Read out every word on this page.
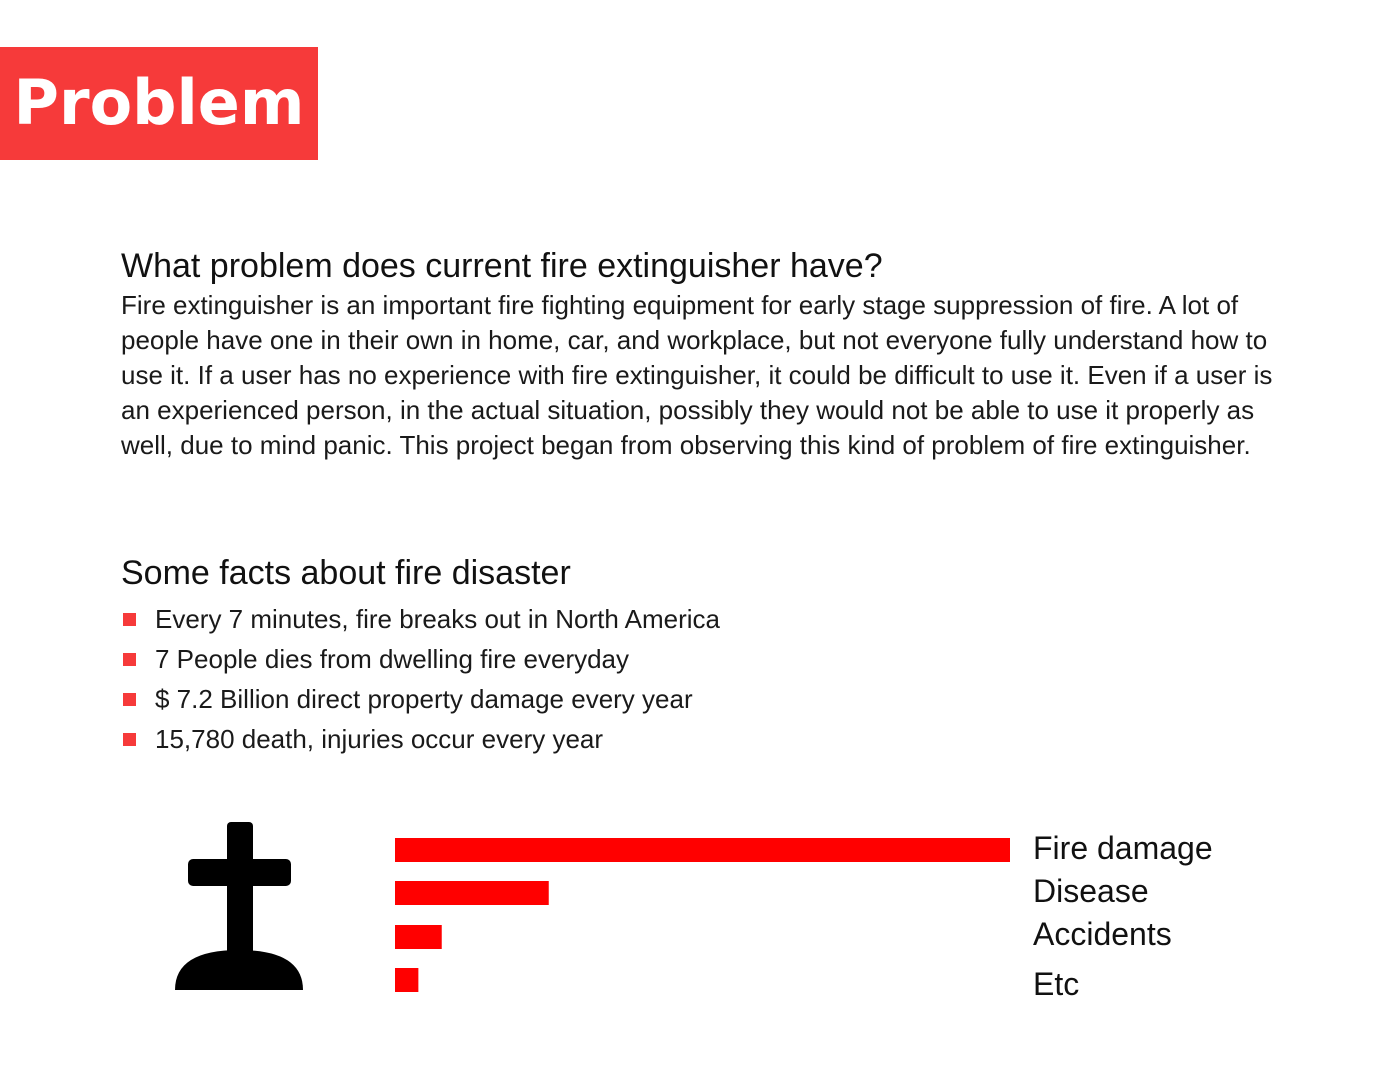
Problem
What problem does current fire extinguisher have?

Fire extinguisher is an important fire fighting equipment for early stage suppression of fire. A lot of people have one in their own in home, car, and workplace, but not everyone fully understand how to use it. If a user has no experience with fire extinguisher, it could be difficult to use it. Even if a user is an experienced person, in the actual situation, possibly they would not be able to use it properly as well, due to mind panic. This project began from observing this kind of problem of fire extinguisher.

Some facts about fire disaster
Every 7 minutes, fire breaks out in North America
7 People dies from dwelling fire everyday
$ 7.2 Billion direct property damage every year
15,780 death, injuries occur every year
Fire damage
Disease
Accidents
Etc
